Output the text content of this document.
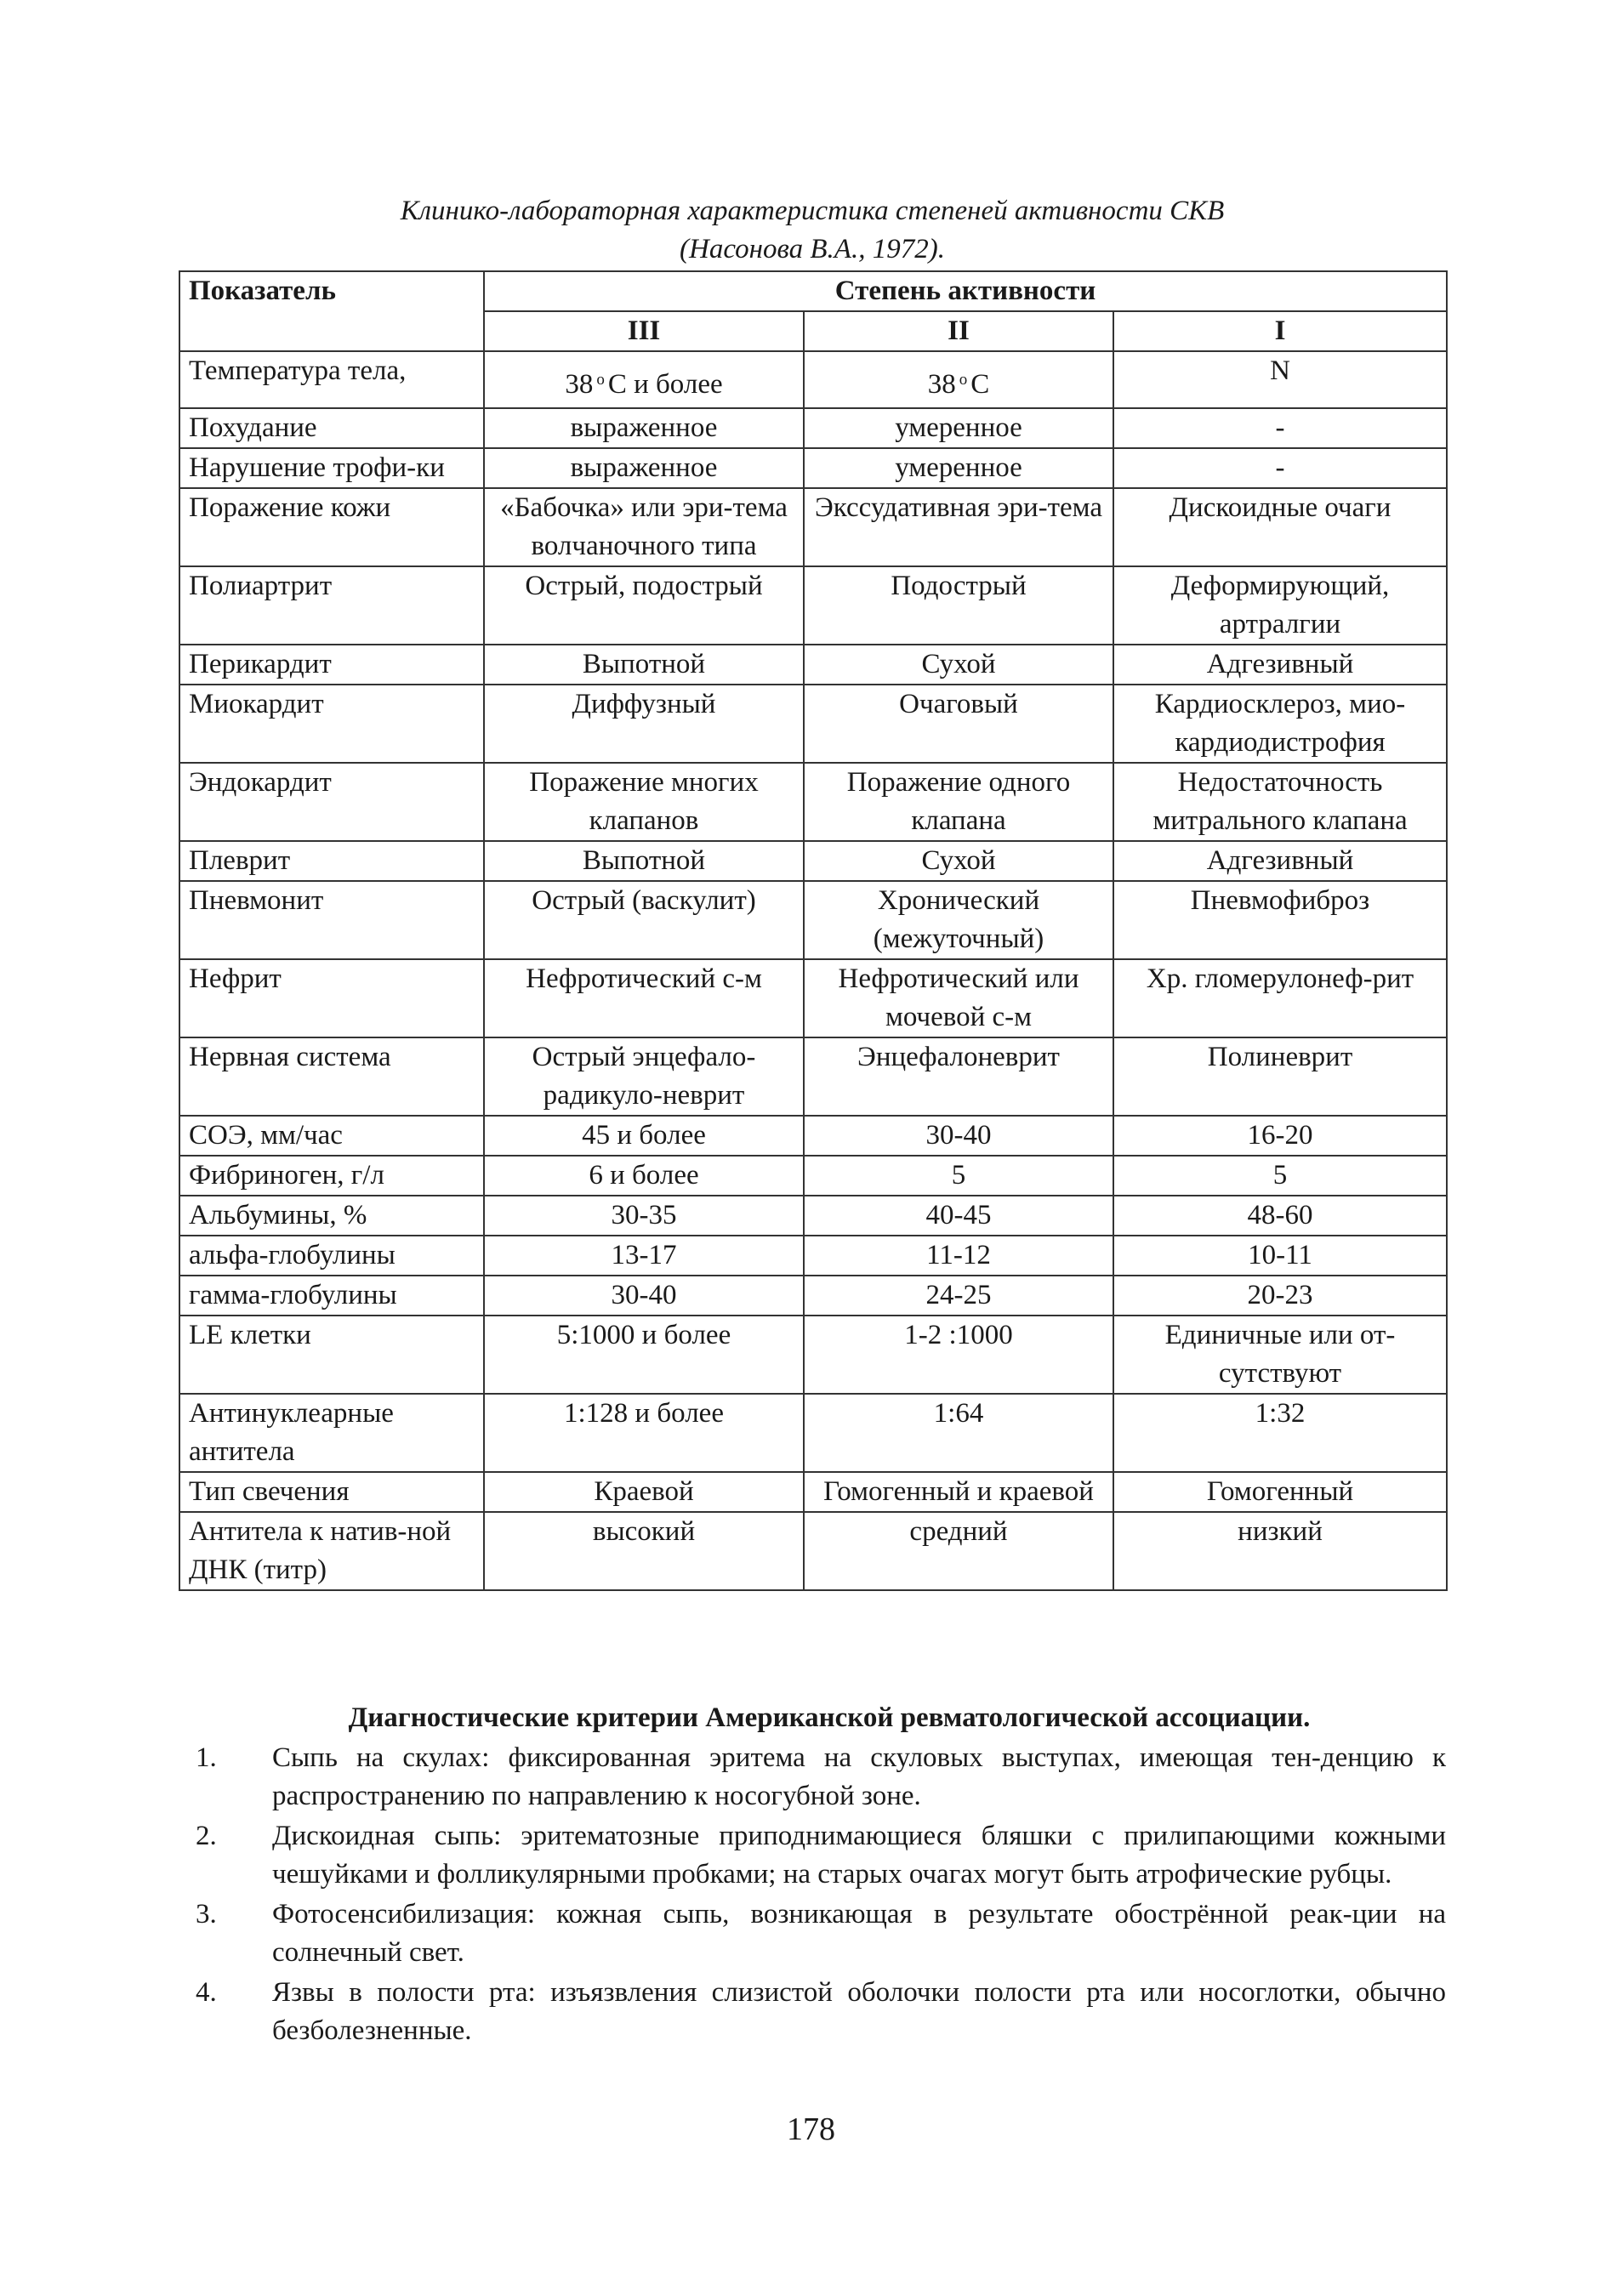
Клинико-лабораторная характеристика степеней активности СКВ
(Насонова В.А., 1972).
Показатель	Степень активности		
	III	II	I
Температура тела,	38 $^о$ С и более	38 $^о$ С	N
Похудание	выраженное	умеренное	-
Нарушение трофи-ки	выраженное	умеренное	-
Поражение кожи	«Бабочка» или эри-тема волчаночного типа	Экссудативная эри-тема	Дискоидные очаги
Полиартрит	Острый, подострый	Подострый	Деформирующий, артралгии
Перикардит	Выпотной	Сухой	Адгезивный
Миокардит	Диффузный	Очаговый	Кардиосклероз, мио-кардиодистрофия
Эндокардит	Поражение многих клапанов	Поражение одного клапана	Недостаточность митрального клапана
Плеврит	Выпотной	Сухой	Адгезивный
Пневмонит	Острый (васкулит)	Хронический (межуточный)	Пневмофиброз
Нефрит	Нефротический с-м	Нефротический или мочевой с-м	Хр. гломерулонеф-рит
Нервная система	Острый энцефало-радикуло-неврит	Энцефалоневрит	Полиневрит
СОЭ, мм/час	45 и более	30-40	16-20
Фибриноген, г/л	6 и более	5	5
Альбумины, %	30-35	40-45	48-60
альфа-глобулины	13-17	11-12	10-11
гамма-глобулины	30-40	24-25	20-23
LE клетки	5:1000 и более	1-2 :1000	Единичные или от-сутствуют
Антинуклеарные антитела	1:128 и более	1:64	1:32
Тип свечения	Краевой	Гомогенный и краевой	Гомогенный
Антитела к натив-ной ДНК (титр)	высокий	средний	низкий
Диагностические критерии Американской ревматологической ассоциации.
1.	Сыпь на скулах: фиксированная эритема на скуловых выступах, имеющая тен-денцию к распространению по направлению к носогубной зоне.
2.	Дискоидная сыпь: эритематозные приподнимающиеся бляшки с прилипающими кожными чешуйками и фолликулярными пробками; на старых очагах могут быть атрофические рубцы.
3.	Фотосенсибилизация: кожная сыпь, возникающая в результате обострённой реак-ции на солнечный свет.
4.	Язвы в полости рта: изъязвления слизистой оболочки полости рта или носоглотки, обычно безболезненные.
178
